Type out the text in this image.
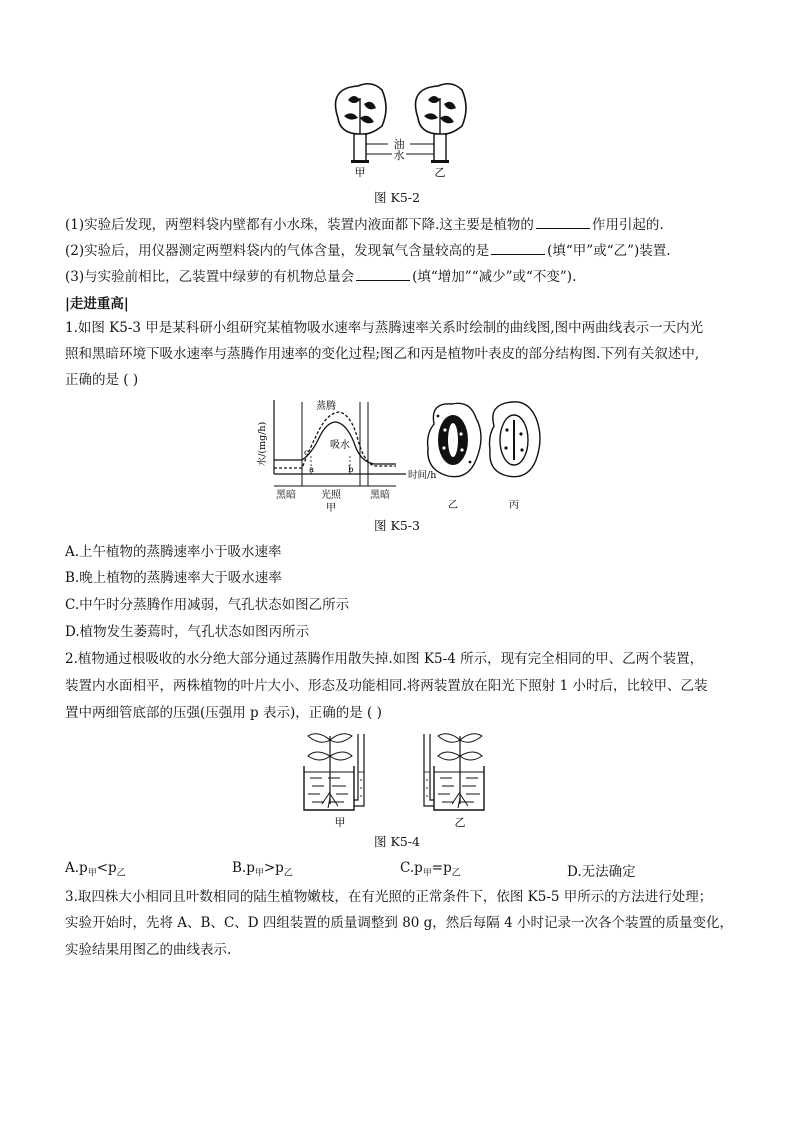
油
水
甲	乙
图 K5-2
(1)实验后发现，两塑料袋内壁都有小水珠，装置内液面都下降.这主要是植物的	作用引起的.
(2)实验后，用仪器测定两塑料袋内的气体含量，发现氧气含量较高的是	(填“甲”或“乙”)装置.
(3)与实验前相比，乙装置中绿萝的有机物总量会	(填“增加”“减少”或“不变”).
|走进重高|
1.如图 K5-3 甲是某科研小组研究某植物吸水速率与蒸腾速率关系时绘制的曲线图,图中两曲线表示一天内光
照和黑暗环境下吸水速率与蒸腾作用速率的变化过程;图乙和丙是植物叶表皮的部分结构图.下列有关叙述中,
正确的是 ( )
水/(mg/h)
时间/h
a	b
c
蒸腾
吸水
黑暗	光照	黑暗
甲	乙	丙
图 K5-3
A.上午植物的蒸腾速率小于吸水速率
B.晚上植物的蒸腾速率大于吸水速率
C.中午时分蒸腾作用减弱，气孔状态如图乙所示
D.植物发生萎蔫时，气孔状态如图丙所示
2.植物通过根吸收的水分绝大部分通过蒸腾作用散失掉.如图 K5-4 所示，现有完全相同的甲、乙两个装置，
装置内水面相平，两株植物的叶片大小、形态及功能相同.将两装置放在阳光下照射 1 小时后，比较甲、乙装
置中两细管底部的压强(压强用 p 表示)，正确的是 ( )
甲	乙
图 K5-4
$A.p_甲<p_乙$	$B.p_甲>p_乙$	$C.p_甲=p_乙$	D.无法确定
3.取四株大小相同且叶数相同的陆生植物嫩枝，在有光照的正常条件下，依图 K5-5 甲所示的方法进行处理；
实验开始时，先将 A、B、C、D 四组装置的质量调整到 80 g，然后每隔 4 小时记录一次各个装置的质量变化，
实验结果用图乙的曲线表示.
